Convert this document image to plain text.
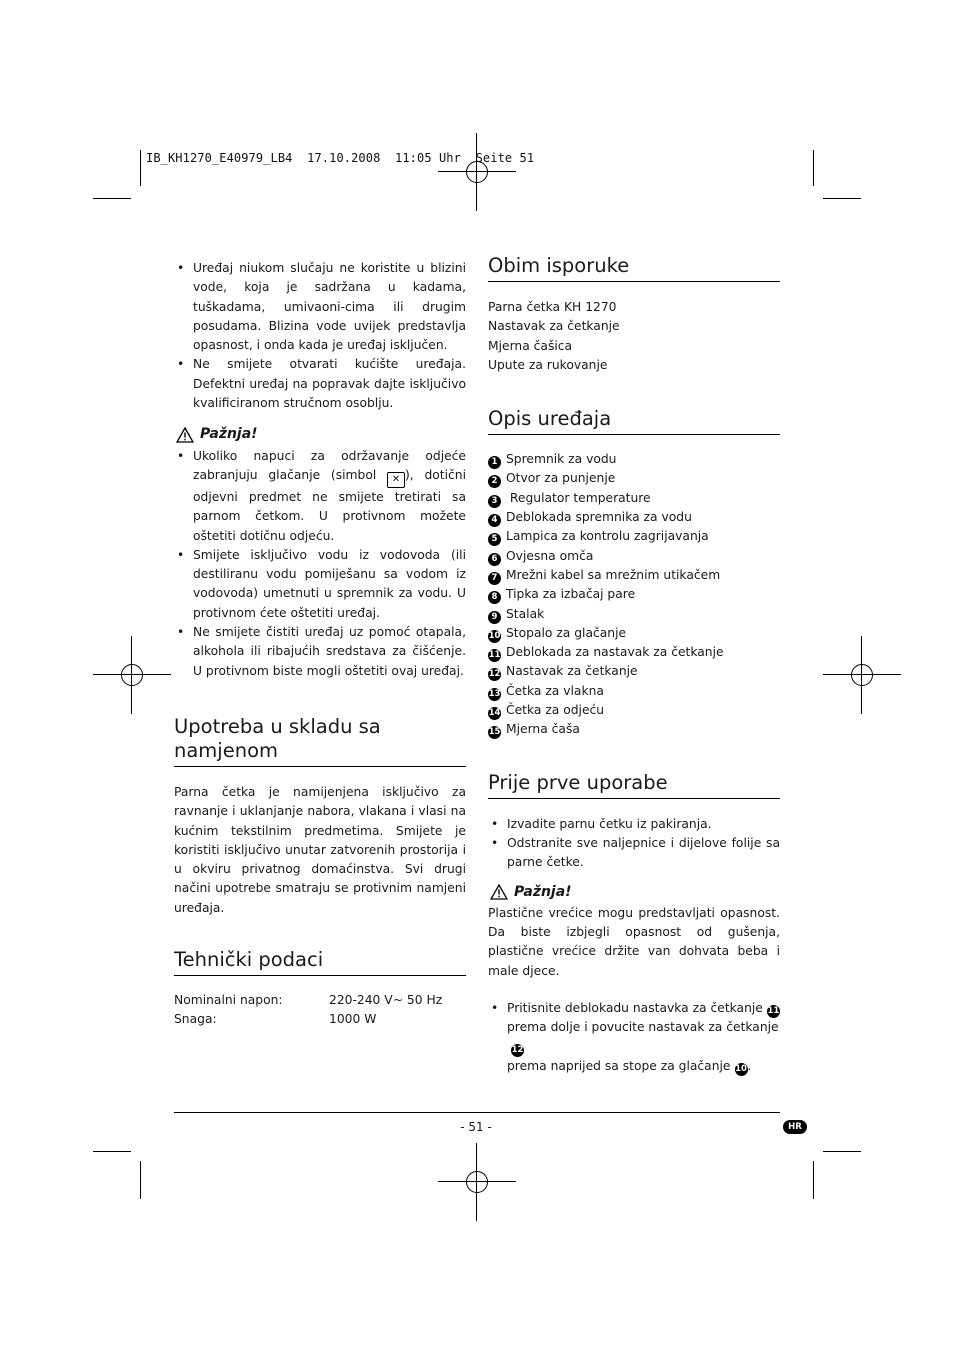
IB_KH1270_E40979_LB4  17.10.2008  11:05 Uhr  Seite 51
• Uređaj niukom slučaju ne koristite u blizini vode, koja je sadržana u kadama, tuškadama, umivaoni-cima ili drugim posudama. Blizina vode uvijek predstavlja opasnost, i onda kada je uređaj isključen.
• Ne smijete otvarati kućište uređaja. Defektni uređaj na popravak dajte isključivo kvalificiranom stručnom osoblju.
Pažnja!
• Ukoliko napuci za održavanje odjeće zabranjuju glačanje (simbol ✕ ), dotični odjevni predmet ne smijete tretirati sa parnom četkom. U protivnom možete oštetiti dotičnu odjeću.
• Smijete isključivo vodu iz vodovoda (ili destiliranu vodu pomiješanu sa vodom iz vodovoda) umetnuti u spremnik za vodu. U protivnom ćete oštetiti uređaj.
• Ne smijete čistiti uređaj uz pomoć otapala, alkohola ili ribajućih sredstava za čišćenje. U protivnom biste mogli oštetiti ovaj uređaj.
Upotreba u skladu sa namjenom
Parna četka je namijenjena isključivo za ravnanje i uklanjanje nabora, vlakana i vlasi na kućnim tekstilnim predmetima. Smijete je koristiti isključivo unutar zatvorenih prostorija i u okviru privatnog domaćinstva. Svi drugi načini upotrebe smatraju se protivnim namjeni uređaja.
Tehnički podaci
Nominalni napon:	220-240 V~ 50 Hz
Snaga:	1000 W
Obim isporuke
Parna četka KH 1270
Nastavak za četkanje
Mjerna čašica
Upute za rukovanje
Opis uređaja
1 Spremnik za vodu
2 Otvor za punjenje
3 Regulator temperature
4 Deblokada spremnika za vodu
5 Lampica za kontrolu zagrijavanja
6 Ovjesna omča
7 Mrežni kabel sa mrežnim utikačem
8 Tipka za izbačaj pare
9 Stalak
10 Stopalo za glačanje
11 Deblokada za nastavak za četkanje
12 Nastavak za četkanje
13 Četka za vlakna
14 Četka za odjeću
15 Mjerna čaša
Prije prve uporabe
• Izvadite parnu četku iz pakiranja.
• Odstranite sve naljepnice i dijelove folije sa parne četke.
Pažnja!
Plastične vrećice mogu predstavljati opasnost. Da biste izbjegli opasnost od gušenja, plastične vrećice držite van dohvata beba i male djece.
• Pritisnite deblokadu nastavka za četkanje 11
prema dolje i povucite nastavak za četkanje12
prema naprijed sa stope za glačanje 10.
- 51 -	HR
